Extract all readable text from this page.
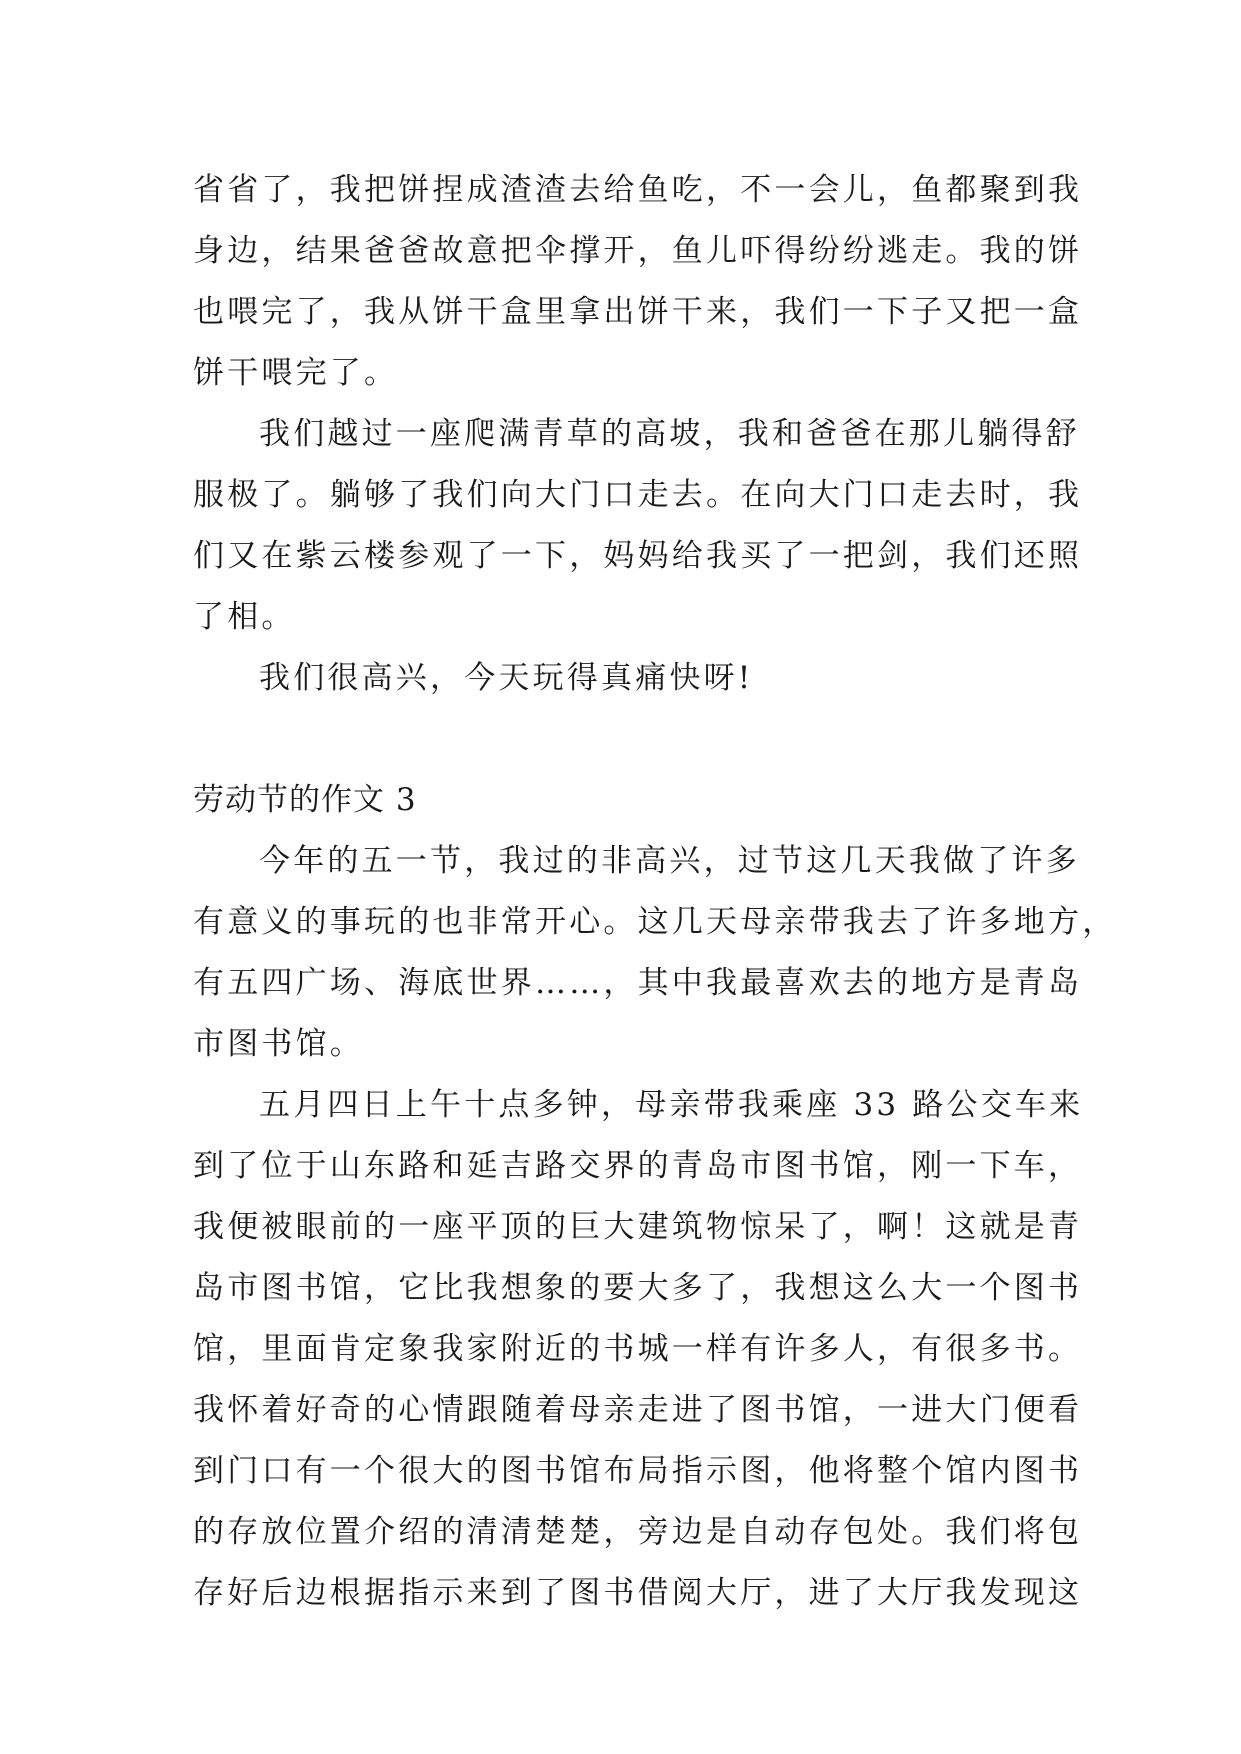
省省了，我把饼捏成渣渣去给鱼吃，不一会儿，鱼都聚到我
身边，结果爸爸故意把伞撑开，鱼儿吓得纷纷逃走。我的饼
也喂完了，我从饼干盒里拿出饼干来，我们一下子又把一盒
饼干喂完了。
我们越过一座爬满青草的高坡，我和爸爸在那儿躺得舒
服极了。躺够了我们向大门口走去。在向大门口走去时，我
们又在紫云楼参观了一下，妈妈给我买了一把剑，我们还照
了相。
我们很高兴，今天玩得真痛快呀!
劳动节的作文 3
今年的五一节，我过的非高兴，过节这几天我做了许多
有意义的事玩的也非常开心。这几天母亲带我去了许多地方，
有五四广场、海底世界……，其中我最喜欢去的地方是青岛
市图书馆。
五月四日上午十点多钟，母亲带我乘座 33 路公交车来
到了位于山东路和延吉路交界的青岛市图书馆，刚一下车，
我便被眼前的一座平顶的巨大建筑物惊呆了，啊！这就是青
岛市图书馆，它比我想象的要大多了，我想这么大一个图书
馆，里面肯定象我家附近的书城一样有许多人，有很多书。
我怀着好奇的心情跟随着母亲走进了图书馆，一进大门便看
到门口有一个很大的图书馆布局指示图，他将整个馆内图书
的存放位置介绍的清清楚楚，旁边是自动存包处。我们将包
存好后边根据指示来到了图书借阅大厅，进了大厅我发现这
